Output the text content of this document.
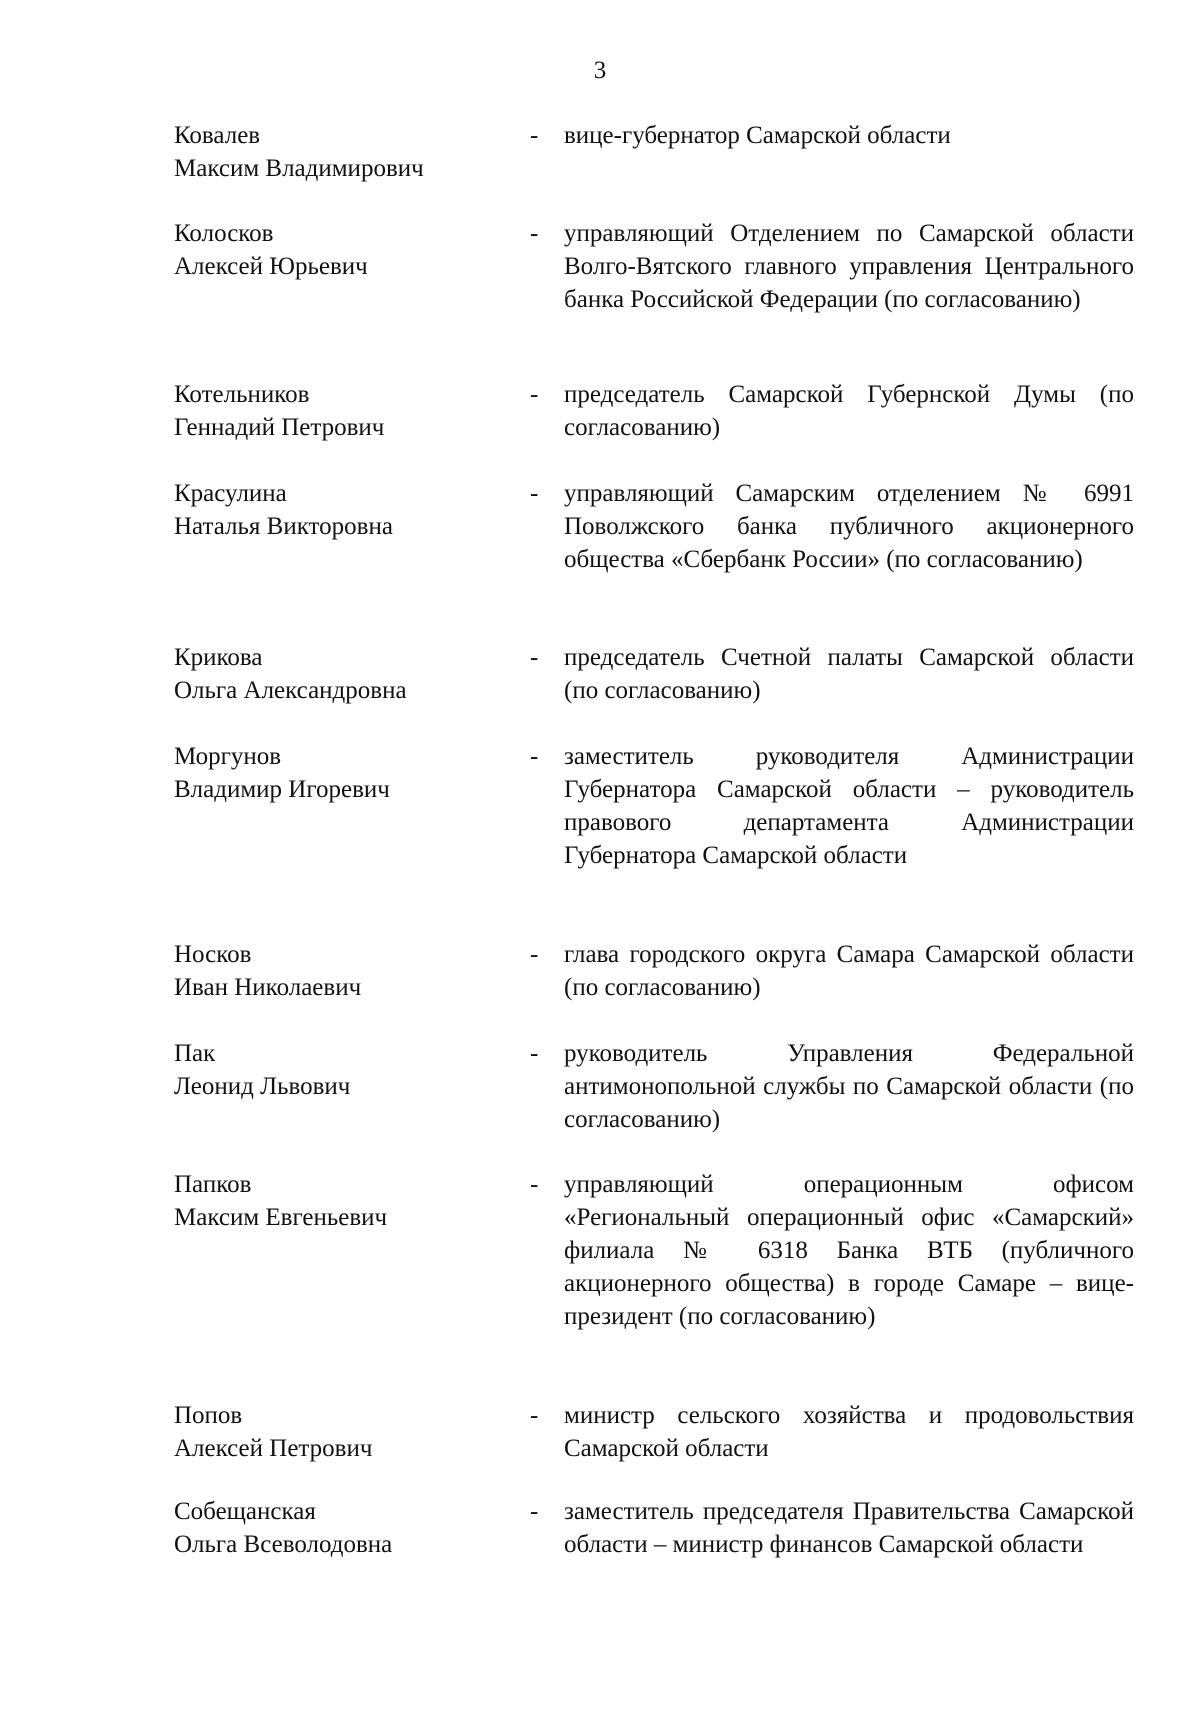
3
Ковалев
Максим Владимирович
- вице-губернатор Самарской области
Колосков
Алексей Юрьевич
- управляющий Отделением по Самарской области Волго-Вятского главного управления Центрального банка Российской Федерации (по согласованию)
Котельников
Геннадий Петрович
- председатель Самарской Губернской Думы (по согласованию)
Красулина
Наталья Викторовна
- управляющий Самарским отделением № 6991 Поволжского банка публичного акционерного общества «Сбербанк России» (по согласованию)
Крикова
Ольга Александровна
- председатель Счетной палаты Самарской области (по согласованию)
Моргунов
Владимир Игоревич
- заместитель руководителя Администрации Губернатора Самарской области – руководитель правового департамента Администрации Губернатора Самарской области
Носков
Иван Николаевич
- глава городского округа Самара Самарской области (по согласованию)
Пак
Леонид Львович
- руководитель Управления Федеральной антимонопольной службы по Самарской области (по согласованию)
Папков
Максим Евгеньевич
- управляющий операционным офисом «Региональный операционный офис «Самарский» филиала № 6318 Банка ВТБ (публичного акционерного общества) в городе Самаре – вице-президент (по согласованию)
Попов
Алексей Петрович
- министр сельского хозяйства и продовольствия Самарской области
Собещанская
Ольга Всеволодовна
- заместитель председателя Правительства Самарской области – министр финансов Самарской области
